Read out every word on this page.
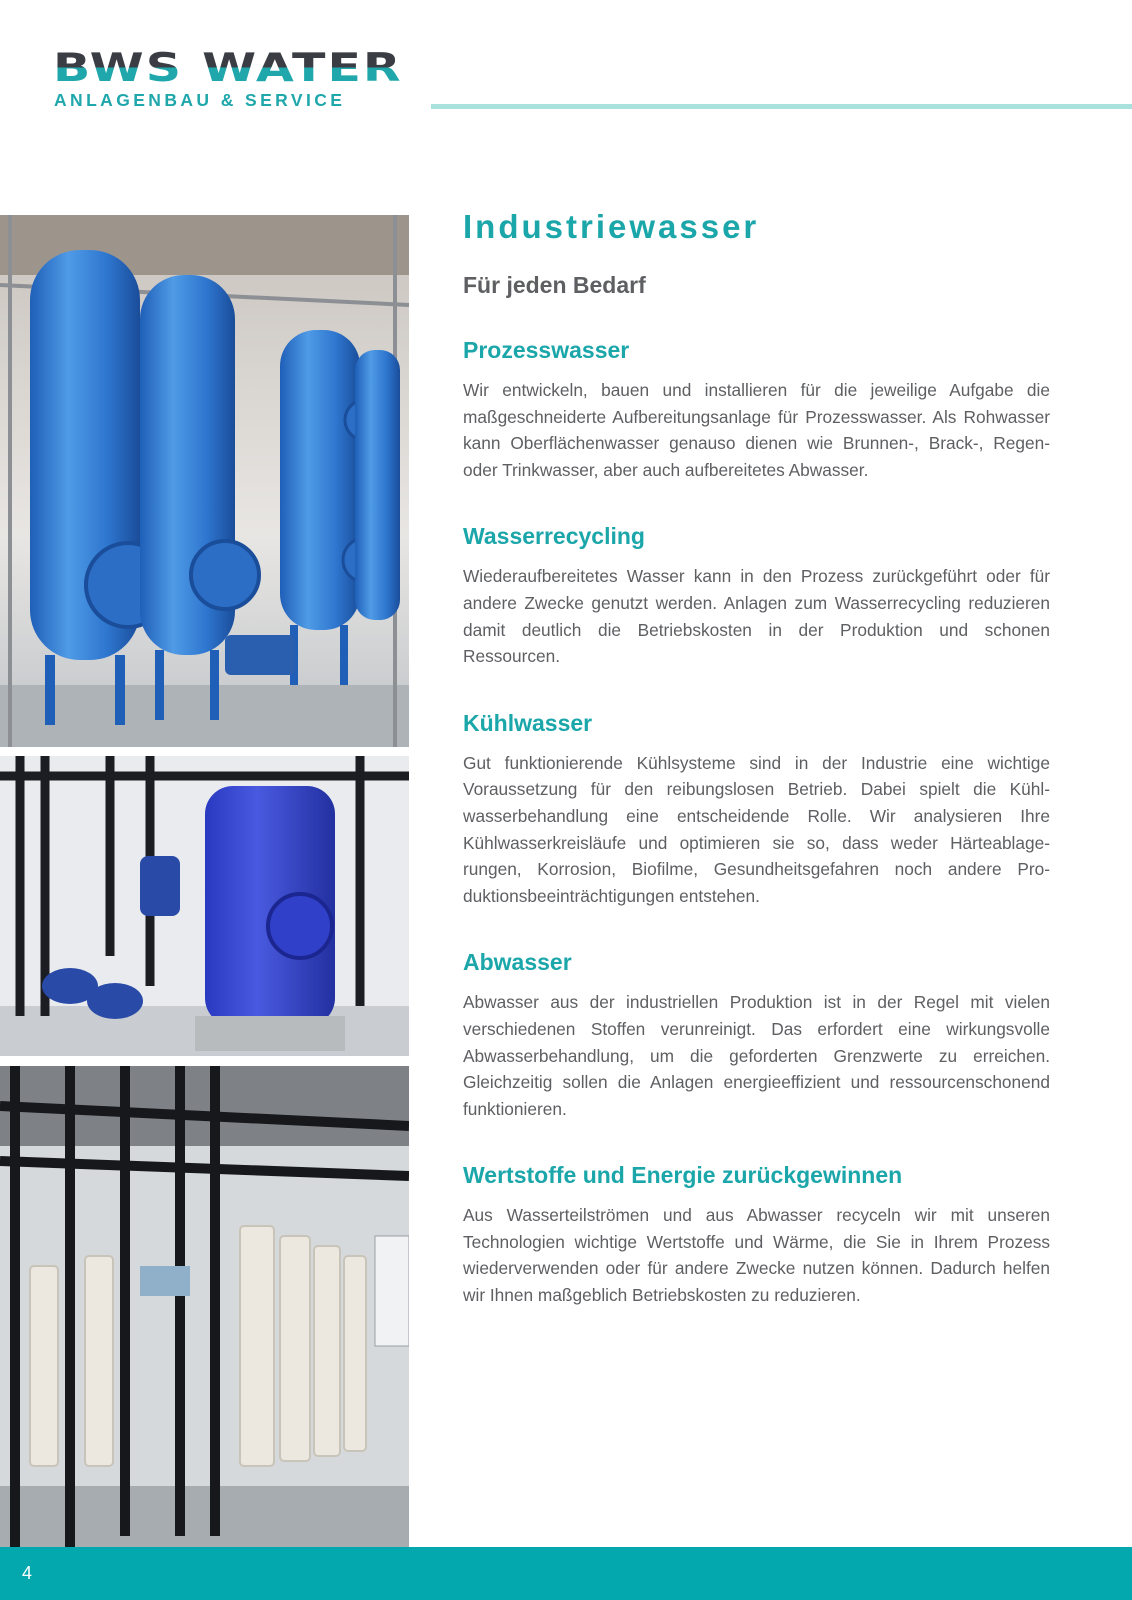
BWS WATER
ANLAGENBAU & SERVICE
Industriewasser
Für jeden Bedarf
Prozesswasser

Wir entwickeln, bauen und installieren für die jeweilige Aufgabe die maßgeschneiderte Aufbereitungsanlage für Prozesswasser. Als Rohwasser kann Oberflächenwasser genauso dienen wie Brunnen-, Brack-, Regen- oder Trinkwasser, aber auch aufbereitetes Abwasser.

Wasserrecycling

Wiederaufbereitetes Wasser kann in den Prozess zurückgeführt oder für andere Zwecke genutzt werden. Anlagen zum Wasserrecycling reduzieren damit deutlich die Betriebskosten in der Produktion und schonen Ressourcen.

Kühlwasser

Gut funktionierende Kühlsysteme sind in der Industrie eine wichtige Voraussetzung für den reibungslosen Betrieb. Dabei spielt die Kühlwasserbehandlung eine entscheidende Rolle. Wir analysieren Ihre Kühlwasserkreisläufe und optimieren sie so, dass weder Härteablagerungen, Korrosion, Biofilme, Gesundheitsgefahren noch andere Produktionsbeeinträchtigungen entstehen.

Abwasser

Abwasser aus der industriellen Produktion ist in der Regel mit vielen verschiedenen Stoffen verunreinigt. Das erfordert eine wirkungsvolle Abwasserbehandlung, um die geforderten Grenzwerte zu erreichen. Gleichzeitig sollen die Anlagen energieeffizient und ressourcenschonend funktionieren.

Wertstoffe und Energie zurückgewinnen

Aus Wasserteilströmen und aus Abwasser recyceln wir mit unseren Technologien wichtige Wertstoffe und Wärme, die Sie in Ihrem Prozess wiederverwenden oder für andere Zwecke nutzen können. Dadurch helfen wir Ihnen maßgeblich Betriebskosten zu reduzieren.

4
